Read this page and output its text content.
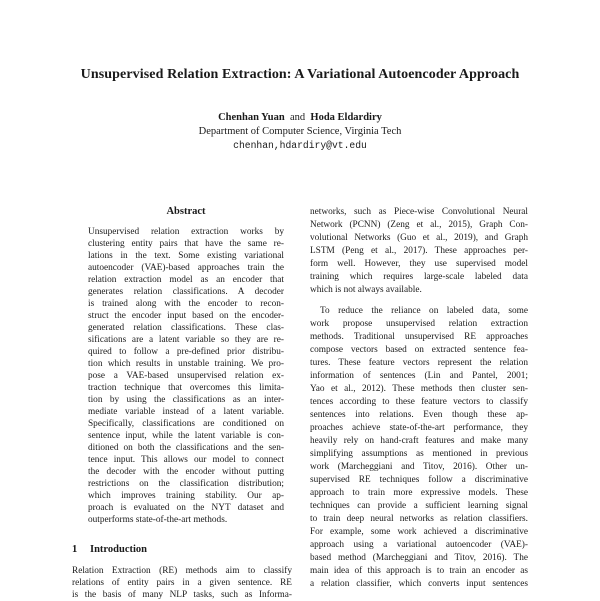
Unsupervised Relation Extraction: A Variational Autoencoder Approach
Chenhan Yuan and Hoda Eldardiry
Department of Computer Science, Virginia Tech
chenhan,hdardiry@vt.edu
Abstract
Unsupervised relation extraction works by
clustering entity pairs that have the same re-
lations in the text. Some existing variational
autoencoder (VAE)-based approaches train the
relation extraction model as an encoder that
generates relation classifications. A decoder
is trained along with the encoder to recon-
struct the encoder input based on the encoder-
generated relation classifications. These clas-
sifications are a latent variable so they are re-
quired to follow a pre-defined prior distribu-
tion which results in unstable training. We pro-
pose a VAE-based unsupervised relation ex-
traction technique that overcomes this limita-
tion by using the classifications as an inter-
mediate variable instead of a latent variable.
Specifically, classifications are conditioned on
sentence input, while the latent variable is con-
ditioned on both the classifications and the sen-
tence input. This allows our model to connect
the decoder with the encoder without putting
restrictions on the classification distribution;
which improves training stability. Our ap-
proach is evaluated on the NYT dataset and
outperforms state-of-the-art methods.
1 Introduction
Relation Extraction (RE) methods aim to classify
relations of entity pairs in a given sentence. RE
is the basis of many NLP tasks, such as Informa-
networks, such as Piece-wise Convolutional Neural
Network (PCNN) (Zeng et al., 2015), Graph Con-
volutional Networks (Guo et al., 2019), and Graph
LSTM (Peng et al., 2017). These approaches per-
form well. However, they use supervised model
training which requires large-scale labeled data
which is not always available.
To reduce the reliance on labeled data, some
work propose unsupervised relation extraction
methods. Traditional unsupervised RE approaches
compose vectors based on extracted sentence fea-
tures. These feature vectors represent the relation
information of sentences (Lin and Pantel, 2001;
Yao et al., 2012). These methods then cluster sen-
tences according to these feature vectors to classify
sentences into relations. Even though these ap-
proaches achieve state-of-the-art performance, they
heavily rely on hand-craft features and make many
simplifying assumptions as mentioned in previous
work (Marcheggiani and Titov, 2016). Other un-
supervised RE techniques follow a discriminative
approach to train more expressive models. These
techniques can provide a sufficient learning signal
to train deep neural networks as relation classifiers.
For example, some work achieved a discriminative
approach using a variational autoencoder (VAE)-
based method (Marcheggiani and Titov, 2016). The
main idea of this approach is to train an encoder as
a relation classifier, which converts input sentences
